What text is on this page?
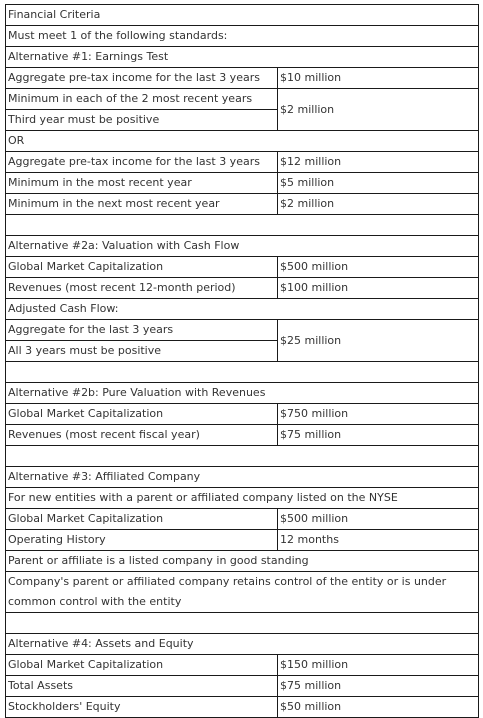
Financial Criteria	
Must meet 1 of the following standards:	
Alternative #1: Earnings Test	
Aggregate pre-tax income for the last 3 years	$10 million
Minimum in each of the 2 most recent years	$2 million
Third year must be positive	
OR	
Aggregate pre-tax income for the last 3 years	$12 million
Minimum in the most recent year	$5 million
Minimum in the next most recent year	$2 million

Alternative #2a: Valuation with Cash Flow	
Global Market Capitalization	$500 million
Revenues (most recent 12-month period)	$100 million
Adjusted Cash Flow:	
Aggregate for the last 3 years	$25 million
All 3 years must be positive	

Alternative #2b: Pure Valuation with Revenues	
Global Market Capitalization	$750 million
Revenues (most recent fiscal year)	$75 million

Alternative #3: Affiliated Company	
For new entities with a parent or affiliated company listed on the NYSE	
Global Market Capitalization	$500 million
Operating History	12 months
Parent or affiliate is a listed company in good standing	
Company's parent or affiliated company retains control of the entity or is under common control with the entity	

Alternative #4: Assets and Equity	
Global Market Capitalization	$150 million
Total Assets	$75 million
Stockholders' Equity	$50 million
